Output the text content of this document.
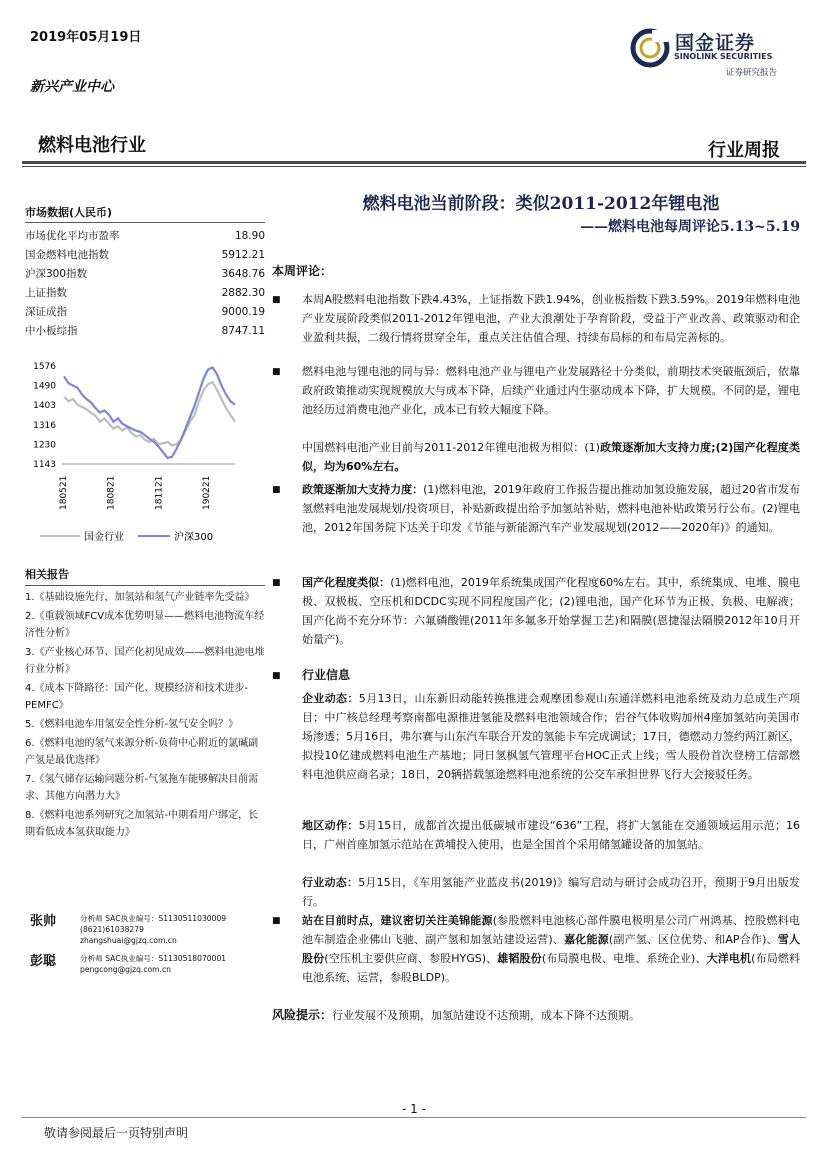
2019年05月19日
新兴产业中心
国金证券
SINOLINK SECURITIES
证券研究报告
燃料电池行业	行业周报
燃料电池当前阶段：类似2011-2012年锂电池
——燃料电池每周评论5.13~5.19
市场数据(人民币)
市场优化平均市盈率	18.90
国金燃料电池指数	5912.21
沪深300指数	3648.76
上证指数	2882.30
深证成指	9000.19
中小板综指	8747.11
1576
1490
1403
1316
1230
1143
180521	180821	181121	190221
国金行业	沪深300
相关报告
1.《基础设施先行，加氢站和氢气产业链率先受益》
2.《重载领域FCV成本优势明显——燃料电池物流车经济性分析》
3.《产业核心环节、国产化初见成效——燃料电池电堆行业分析》
4.《成本下降路径：国产化、规模经济和技术进步-PEMFC》
5.《燃料电池车用氢安全性分析-氢气安全吗？》
6.《燃料电池的氢气来源分析-负荷中心附近的氯碱副产氢是最优选择》
7.《氢气储存运输问题分析-气氢拖车能够解决目前需求、其他方向潜力大》
8.《燃料电池系列研究之加氢站-中期看用户绑定，长期看低成本氢获取能力》
张帅	分析师 SAC执业编号：S1130511030009
(8621)61038279
zhangshuai@gjzq.com.cn
彭聪	分析师 SAC执业编号：S1130518070001
pengcong@gjzq.com.cn
本周评论：
■ 本周A股燃料电池指数下跌4.43%，上证指数下跌1.94%，创业板指数下跌3.59%。2019年燃料电池产业发展阶段类似2011-2012年锂电池，产业大浪潮处于孕育阶段，受益于产业改善、政策驱动和企业盈利共振，二级行情将贯穿全年，重点关注估值合理、持续布局标的和布局完善标的。
■ 燃料电池与锂电池的同与异：燃料电池产业与锂电产业发展路径十分类似，前期技术突破瓶颈后，依靠政府政策推动实现规模放大与成本下降，后续产业通过内生驱动成本下降，扩大规模。不同的是，锂电池经历过消费电池产业化，成本已有较大幅度下降。
中国燃料电池产业目前与2011-2012年锂电池极为相似：(1)政策逐渐加大支持力度;(2)国产化程度类似，均为60%左右。
■ 政策逐渐加大支持力度：(1)燃料电池，2019年政府工作报告提出推动加氢设施发展，超过20省市发布氢燃料电池发展规划/投资项目，补贴新政提出给予加氢站补贴，燃料电池补贴政策另行公布。(2)锂电池，2012年国务院下达关于印发《节能与新能源汽车产业发展规划(2012——2020年)》的通知。
■ 国产化程度类似：(1)燃料电池，2019年系统集成国产化程度60%左右。其中，系统集成、电堆、膜电极、双极板、空压机和DCDC实现不同程度国产化；(2)锂电池，国产化环节为正极、负极、电解液；国产化尚不充分环节：六氟磷酸锂(2011年多氟多开始掌握工艺)和隔膜(恩捷湿法隔膜2012年10月开始量产)。
■ 行业信息
企业动态：5月13日，山东新旧动能转换推进会观摩团参观山东通洋燃料电池系统及动力总成生产项目；中广核总经理考察南都电源推进氢能及燃料电池领域合作；岩谷气体收购加州4座加氢站向美国市场渗透；5月16日，弗尔赛与山东汽车联合开发的氢能卡车完成调试；17日，德燃动力签约两江新区，拟投10亿建成燃料电池生产基地；同日氢枫氢气管理平台HOC正式上线；雪人股份首次登榜工信部燃料电池供应商名录；18日，20辆搭载氢途燃料电池系统的公交车承担世界飞行大会接驳任务。
地区动作：5月15日，成都首次提出低碳城市建设“636”工程，将扩大氢能在交通领域运用示范；16日，广州首座加氢示范站在黄埔投入使用，也是全国首个采用储氢罐设备的加氢站。
行业动态：5月15日，《车用氢能产业蓝皮书(2019)》编写启动与研讨会成功召开，预期于9月出版发行。
■ 站在目前时点，建议密切关注美锦能源(参股燃料电池核心部件膜电极明星公司广州鸿基、控股燃料电池车制造企业佛山飞驰、副产氢和加氢站建设运营)、嘉化能源(副产氢、区位优势、和AP合作)、雪人股份(空压机主要供应商、参股HYGS)、雄韬股份(布局膜电极、电堆、系统企业)、大洋电机(布局燃料电池系统、运营，参股BLDP)。
风险提示：行业发展不及预期，加氢站建设不达预期，成本下降不达预期。
- 1 -
敬请参阅最后一页特别声明
